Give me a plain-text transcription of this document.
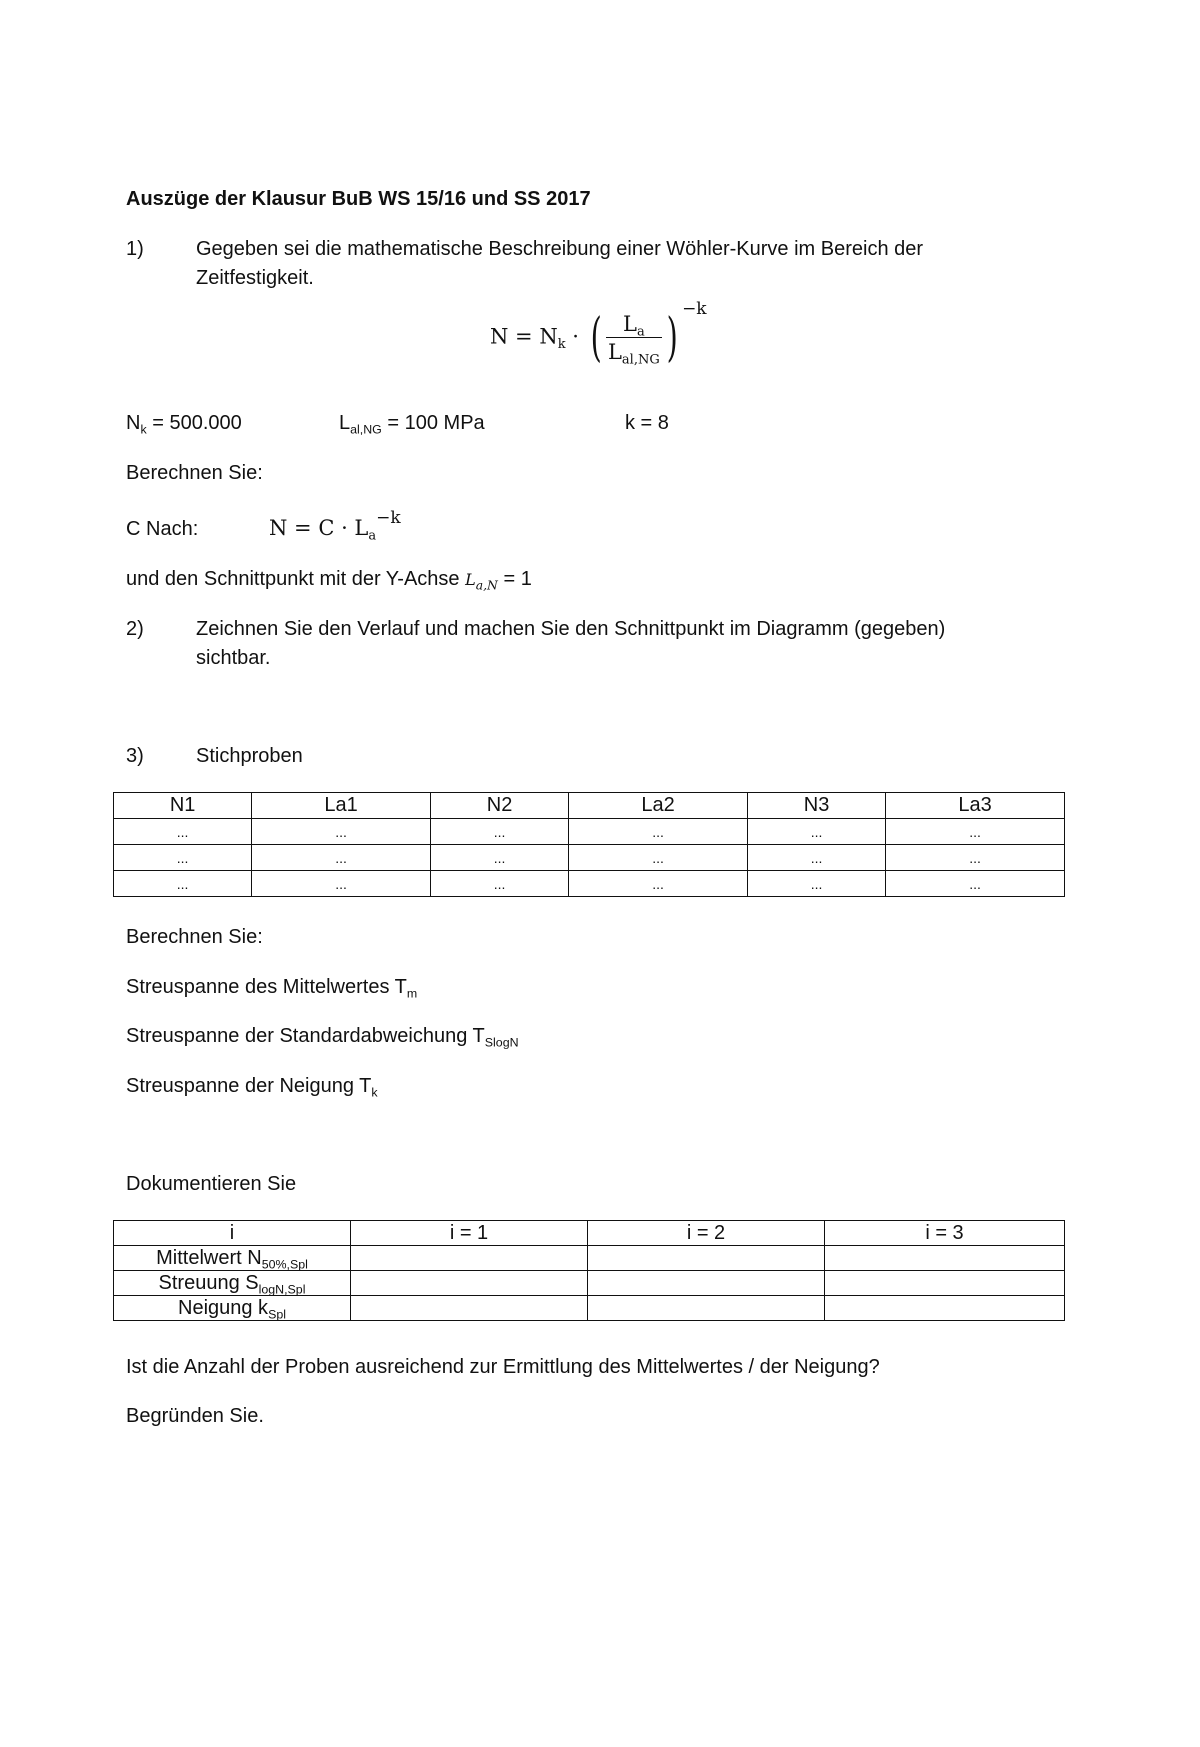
Auszüge der Klausur BuB WS 15/16 und SS 2017
1)	Gegeben sei die mathematische Beschreibung einer Wöhler-Kurve im Bereich der
Zeitfestigkeit.
$N = N_k$ · ( $\frac{L_a}{L_{al,NG}}$ ) $^{-k}$
$N_k = 500.000$	$L_{al,NG} = 100$ MPa	k = 8
Berechnen Sie:
C Nach:	$N = C \cdot L_a^{-k}$
und den Schnittpunkt mit der Y-Achse $L_{a,N} = 1$
2)	Zeichnen Sie den Verlauf und machen Sie den Schnittpunkt im Diagramm (gegeben)
sichtbar.
3)	Stichproben
N1	La1	N2	La2	N3	La3
...	...	...	...	...	...
...	...	...	...	...	...
...	...	...	...	...	...
Berechnen Sie:
Streuspanne des Mittelwertes $T_m$
Streuspanne der Standardabweichung $T_{SlogN}$
Streuspanne der Neigung $T_k$
Dokumentieren Sie
i	i = 1	i = 2	i = 3
Mittelwert $N_{50\%,Spl}$			
Streuung $S_{logN,Spl}$			
Neigung $k_{Spl}$			
Ist die Anzahl der Proben ausreichend zur Ermittlung des Mittelwertes / der Neigung?
Begründen Sie.
